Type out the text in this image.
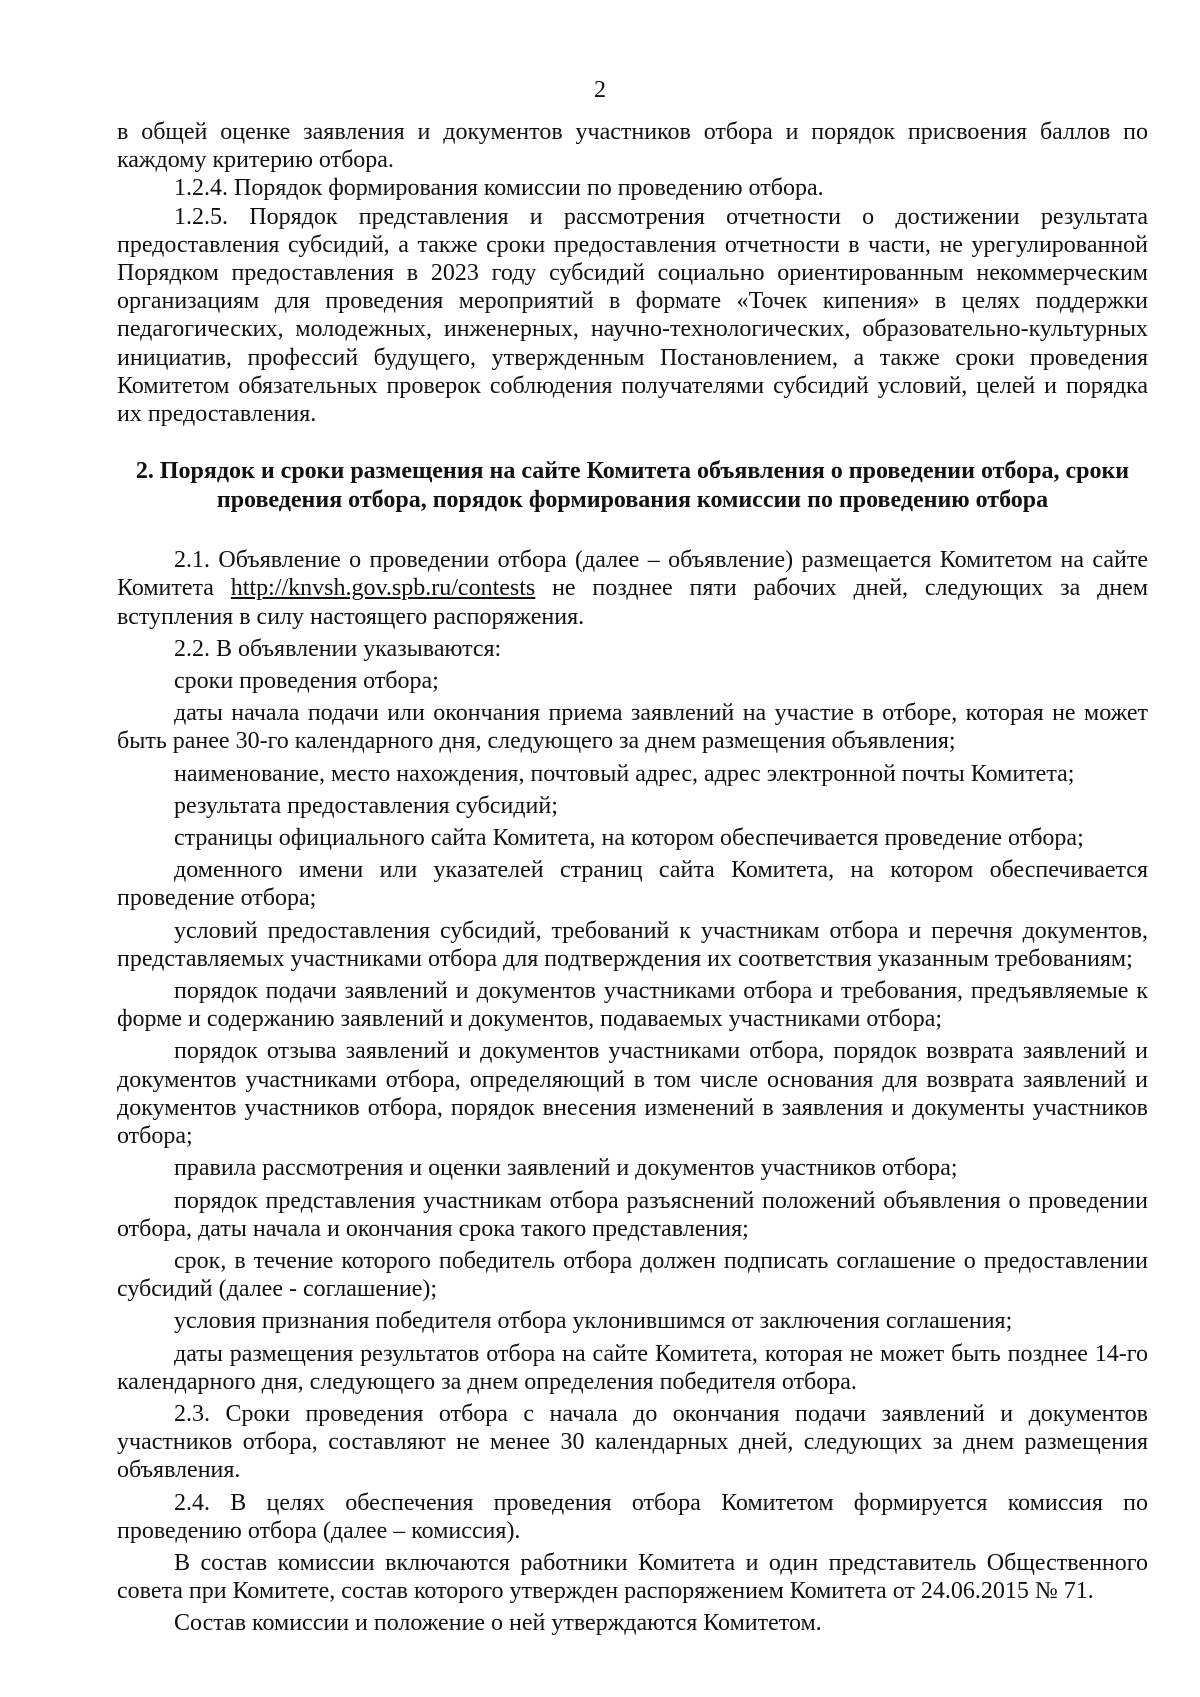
2

в общей оценке заявления и документов участников отбора и порядок присвоения баллов по каждому критерию отбора.

1.2.4. Порядок формирования комиссии по проведению отбора.

1.2.5. Порядок представления и рассмотрения отчетности о достижении результата предоставления субсидий, а также сроки предоставления отчетности в части, не урегулированной Порядком предоставления в 2023 году субсидий социально ориентированным некоммерческим организациям для проведения мероприятий в формате «Точек кипения» в целях поддержки педагогических, молодежных, инженерных, научно-технологических, образовательно-культурных инициатив, профессий будущего, утвержденным Постановлением, а также сроки проведения Комитетом обязательных проверок соблюдения получателями субсидий условий, целей и порядка их предоставления.

2. Порядок и сроки размещения на сайте Комитета объявления о проведении отбора, сроки проведения отбора, порядок формирования комиссии по проведению отбора

2.1. Объявление о проведении отбора (далее – объявление) размещается Комитетом на сайте Комитета http://knvsh.gov.spb.ru/contests не позднее пяти рабочих дней, следующих за днем вступления в силу настоящего распоряжения.

2.2. В объявлении указываются:

сроки проведения отбора;

даты начала подачи или окончания приема заявлений на участие в отборе, которая не может быть ранее 30-го календарного дня, следующего за днем размещения объявления;

наименование, место нахождения, почтовый адрес, адрес электронной почты Комитета;

результата предоставления субсидий;

страницы официального сайта Комитета, на котором обеспечивается проведение отбора;

доменного имени или указателей страниц сайта Комитета, на котором обеспечивается проведение отбора;

условий предоставления субсидий, требований к участникам отбора и перечня документов, представляемых участниками отбора для подтверждения их соответствия указанным требованиям;

порядок подачи заявлений и документов участниками отбора и требования, предъявляемые к форме и содержанию заявлений и документов, подаваемых участниками отбора;

порядок отзыва заявлений и документов участниками отбора, порядок возврата заявлений и документов участниками отбора, определяющий в том числе основания для возврата заявлений и документов участников отбора, порядок внесения изменений в заявления и документы участников отбора;

правила рассмотрения и оценки заявлений и документов участников отбора;

порядок представления участникам отбора разъяснений положений объявления о проведении отбора, даты начала и окончания срока такого представления;

срок, в течение которого победитель отбора должен подписать соглашение о предоставлении субсидий (далее - соглашение);

условия признания победителя отбора уклонившимся от заключения соглашения;

даты размещения результатов отбора на сайте Комитета, которая не может быть позднее 14-го календарного дня, следующего за днем определения победителя отбора.

2.3. Сроки проведения отбора с начала до окончания подачи заявлений и документов участников отбора, составляют не менее 30 календарных дней, следующих за днем размещения объявления.

2.4. В целях обеспечения проведения отбора Комитетом формируется комиссия по проведению отбора (далее – комиссия).

В состав комиссии включаются работники Комитета и один представитель Общественного совета при Комитете, состав которого утвержден распоряжением Комитета от 24.06.2015 № 71.

Состав комиссии и положение о ней утверждаются Комитетом.
